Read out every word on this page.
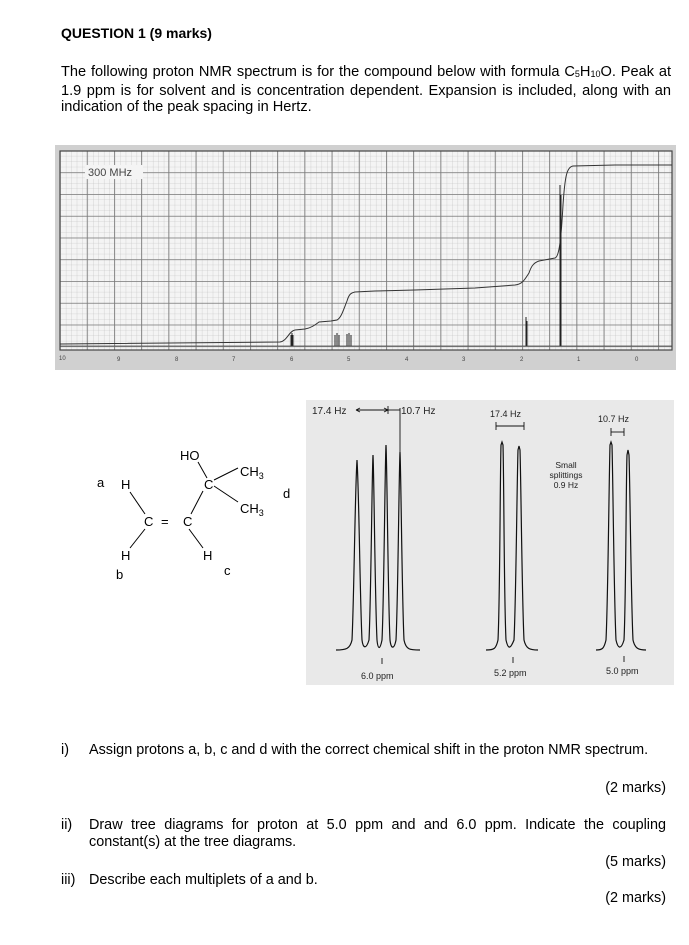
QUESTION 1 (9 marks)
The following proton NMR spectrum is for the compound below with formula $C_5H_{10}O$. Peak at 1.9 ppm is for solvent and is concentration dependent. Expansion is included, along with an indication of the peak spacing in Hertz.
300 MHz
10	9	8	7	6	5	4	3	2	1	0
HO
C
$CH_3$
$CH_3$
C = C
H
H	H
a
b	c
d
17.4 Hz	10.7 Hz	17.4 Hz	10.7 Hz
Small
splittings
0.9 Hz
6.0 ppm	5.2 ppm	5.0 ppm
i) Assign protons a, b, c and d with the correct chemical shift in the proton NMR spectrum.
(2 marks)
ii) Draw tree diagrams for proton at 5.0 ppm and and 6.0 ppm. Indicate the coupling constant(s) at the tree diagrams.
(5 marks)
iii) Describe each multiplets of a and b.
(2 marks)
